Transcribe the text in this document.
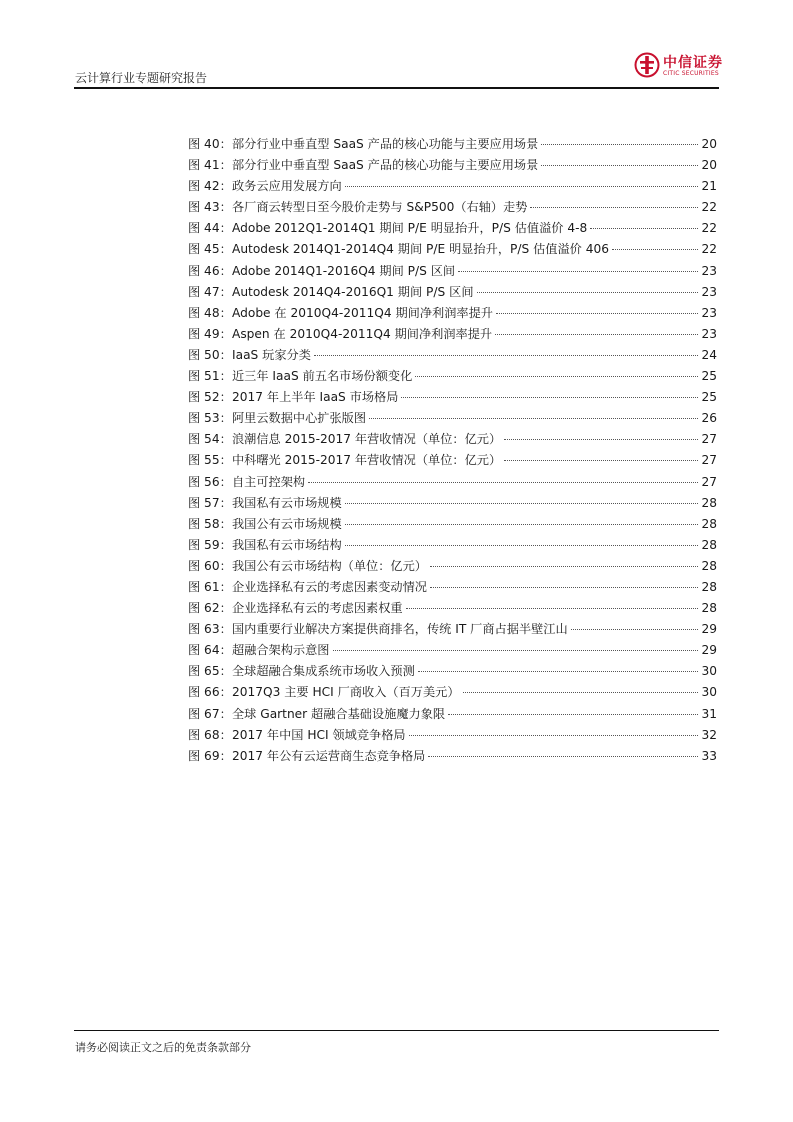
云计算行业专题研究报告
中信证券
CITIC SECURITIES
图 40： 部分行业中垂直型 SaaS 产品的核心功能与主要应用场景	20
图 41： 部分行业中垂直型 SaaS 产品的核心功能与主要应用场景	20
图 42： 政务云应用发展方向	21
图 43： 各厂商云转型日至今股价走势与 S&P500（右轴）走势	22
图 44： Adobe 2012Q1-2014Q1 期间 P/E 明显抬升，P/S 估值溢价 4-8	22
图 45： Autodesk 2014Q1-2014Q4 期间 P/E 明显抬升，P/S 估值溢价 406	22
图 46： Adobe 2014Q1-2016Q4 期间 P/S 区间	23
图 47： Autodesk 2014Q4-2016Q1 期间 P/S 区间	23
图 48： Adobe 在 2010Q4-2011Q4 期间净利润率提升	23
图 49： Aspen 在 2010Q4-2011Q4 期间净利润率提升	23
图 50： IaaS 玩家分类	24
图 51： 近三年 IaaS 前五名市场份额变化	25
图 52： 2017 年上半年 IaaS 市场格局	25
图 53： 阿里云数据中心扩张版图	26
图 54： 浪潮信息 2015-2017 年营收情况（单位：亿元）	27
图 55： 中科曙光 2015-2017 年营收情况（单位：亿元）	27
图 56： 自主可控架构	27
图 57： 我国私有云市场规模	28
图 58： 我国公有云市场规模	28
图 59： 我国私有云市场结构	28
图 60： 我国公有云市场结构（单位：亿元）	28
图 61： 企业选择私有云的考虑因素变动情况	28
图 62： 企业选择私有云的考虑因素权重	28
图 63： 国内重要行业解决方案提供商排名，传统 IT 厂商占据半壁江山	29
图 64： 超融合架构示意图	29
图 65： 全球超融合集成系统市场收入预测	30
图 66： 2017Q3 主要 HCI 厂商收入（百万美元）	30
图 67： 全球 Gartner 超融合基础设施魔力象限	31
图 68： 2017 年中国 HCI 领域竞争格局	32
图 69： 2017 年公有云运营商生态竞争格局	33
请务必阅读正文之后的免责条款部分
